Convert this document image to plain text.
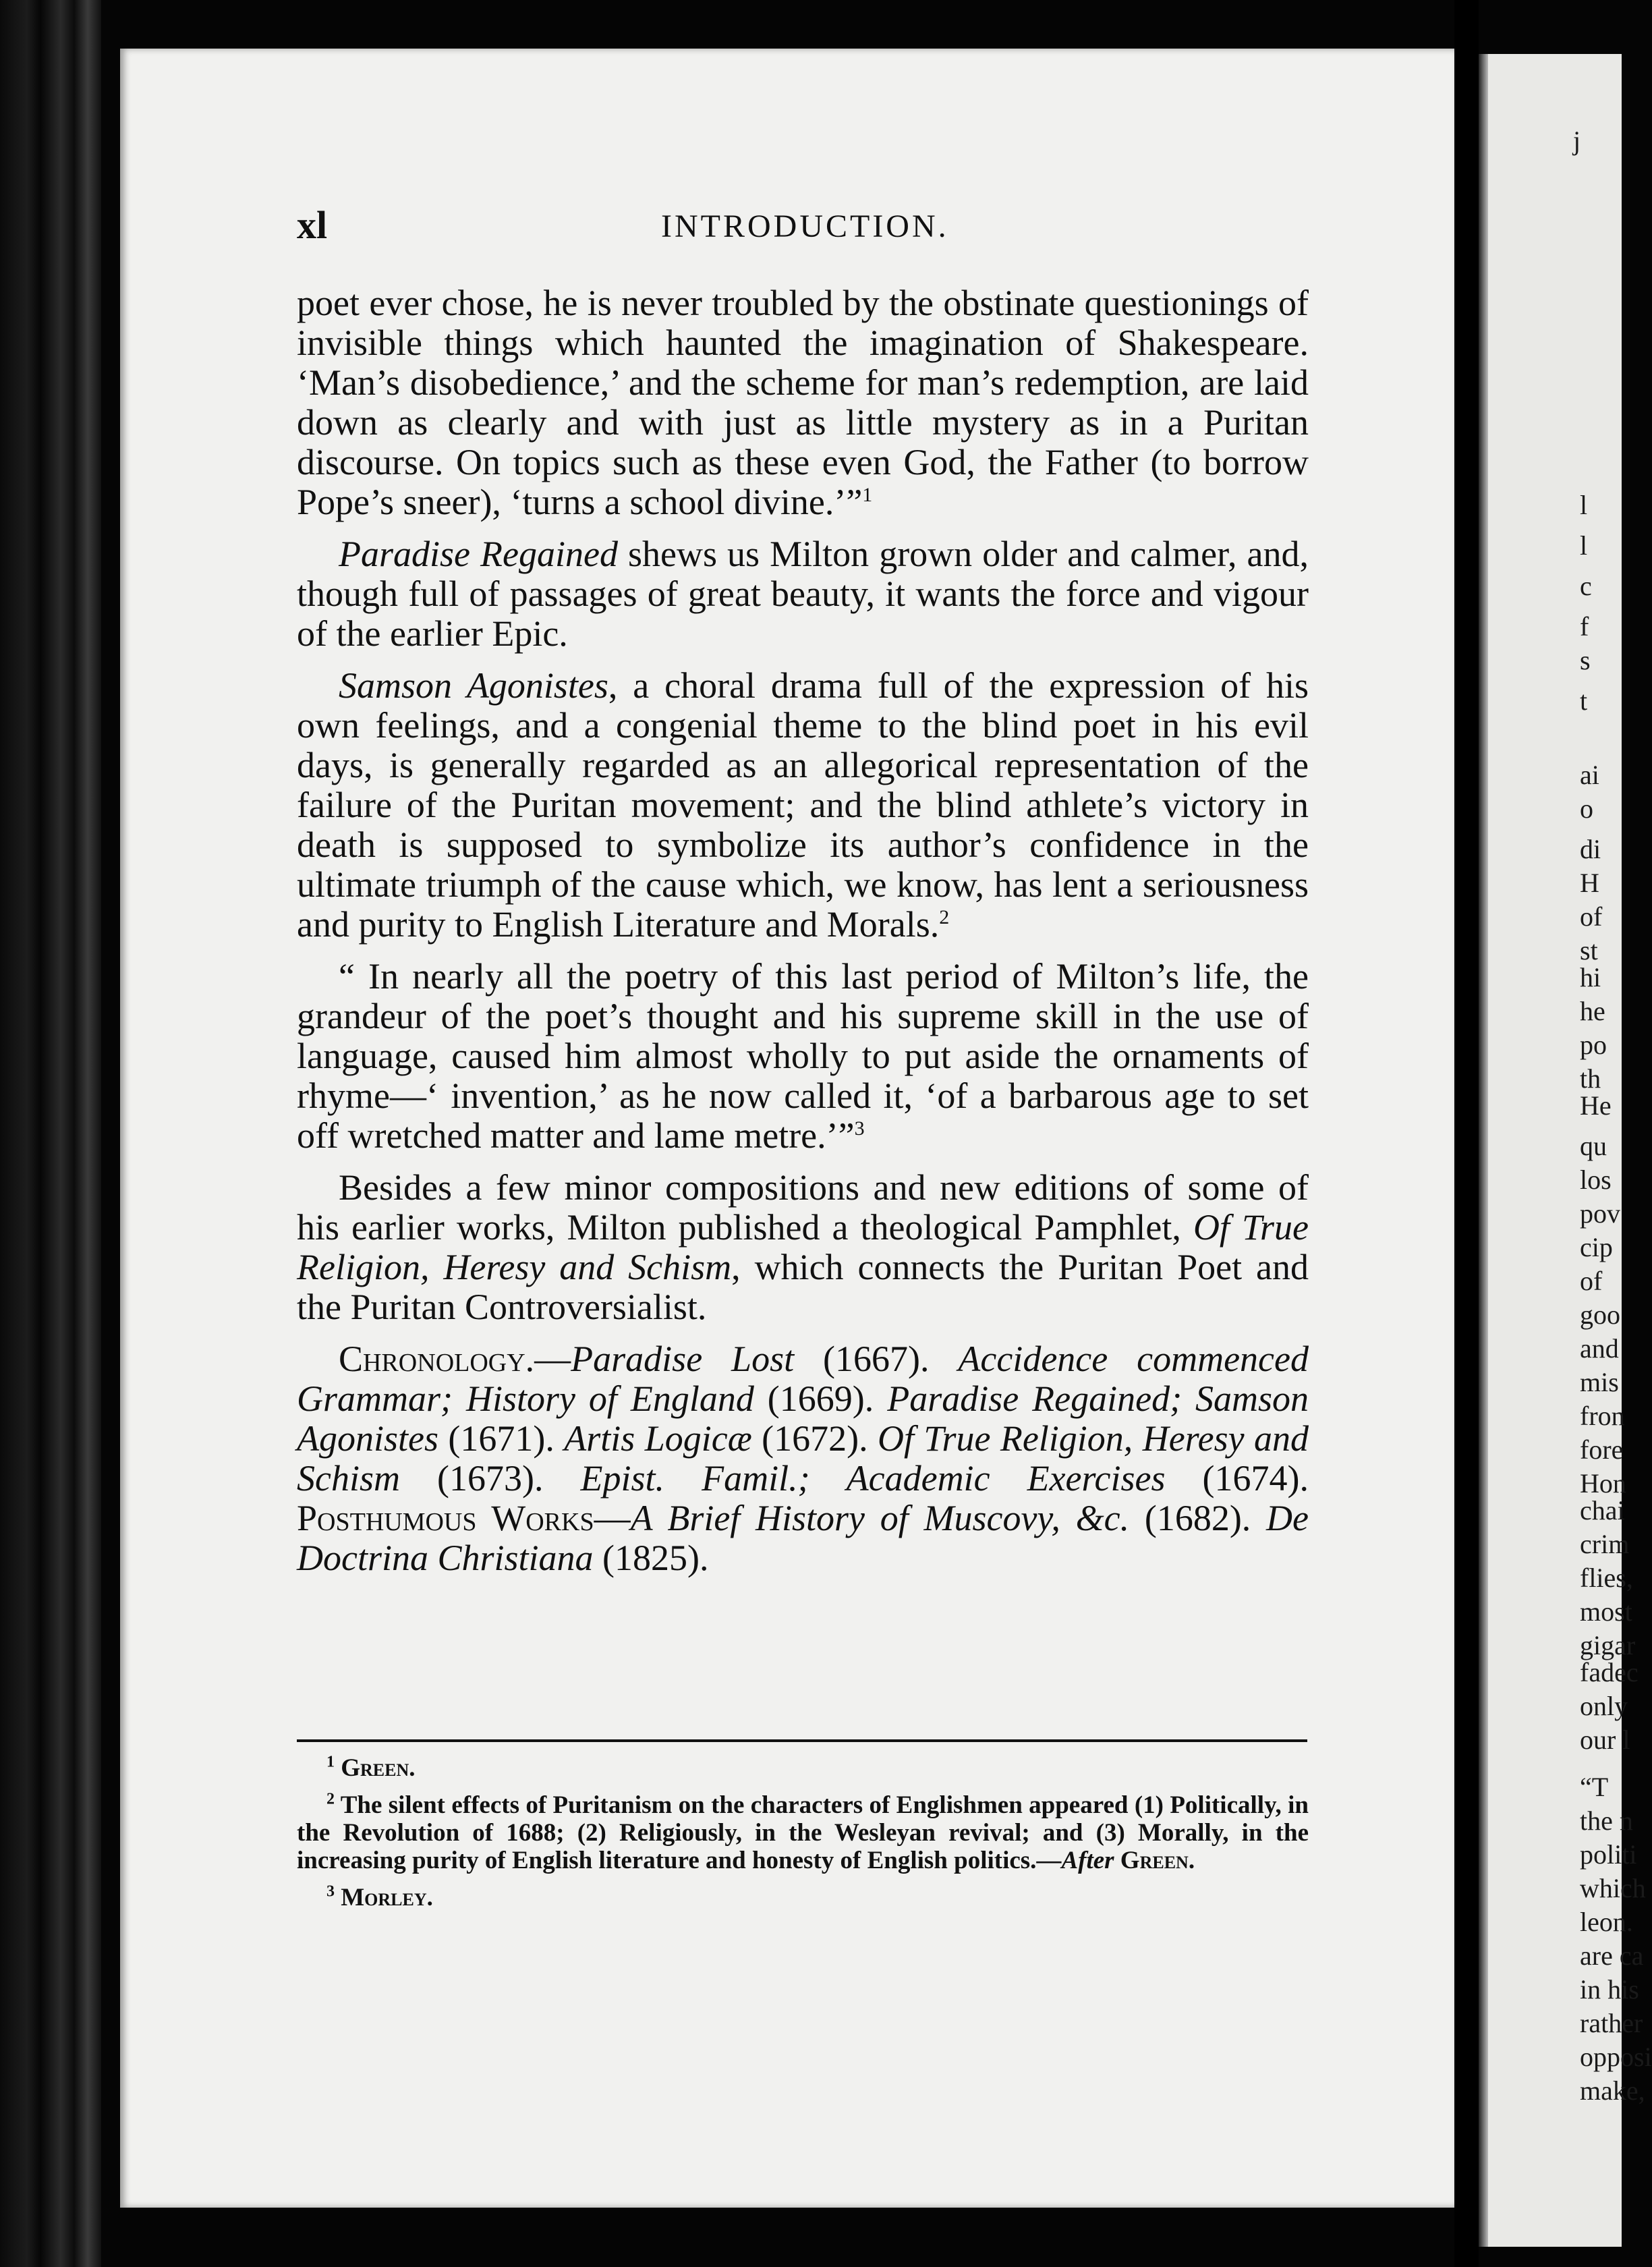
xl	INTRODUCTION.

poet ever chose, he is never troubled by the obstinate questionings of invisible things which haunted the imagination of Shakespeare. ‘Man’s disobedience,’ and the scheme for man’s redemption, are laid down as clearly and with just as little mystery as in a Puritan discourse. On topics such as these even God, the Father (to borrow Pope’s sneer), ‘turns a school divine.’”$^1$

Paradise Regained shews us Milton grown older and calmer, and, though full of passages of great beauty, it wants the force and vigour of the earlier Epic.

Samson Agonistes, a choral drama full of the expression of his own feelings, and a congenial theme to the blind poet in his evil days, is generally regarded as an allegorical representation of the failure of the Puritan movement; and the blind athlete’s victory in death is supposed to symbolize its author’s confidence in the ultimate triumph of the cause which, we know, has lent a seriousness and purity to English Literature and Morals.$^2$

“ In nearly all the poetry of this last period of Milton’s life, the grandeur of the poet’s thought and his supreme skill in the use of language, caused him almost wholly to put aside the ornaments of rhyme—‘ invention,’ as he now called it, ‘of a barbarous age to set off wretched matter and lame metre.’”$^3$

Besides a few minor compositions and new editions of some of his earlier works, Milton published a theological Pamphlet, Of True Religion, Heresy and Schism, which connects the Puritan Poet and the Puritan Controversialist.

Chronology.—Paradise Lost (1667). Accidence commenced Grammar; History of England (1669). Paradise Regained; Samson Agonistes (1671). Artis Logicæ (1672). Of True Religion, Heresy and Schism (1673). Epist. Famil.; Academic Exercises (1674). Posthumous Works—A Brief History of Muscovy, &c. (1682). De Doctrina Christiana (1825).

$^1$ Green.

$^2$ The silent effects of Puritanism on the characters of Englishmen appeared (1) Politically, in the Revolution of 1688; (2) Religiously, in the Wesleyan revival; and (3) Morally, in the increasing purity of English literature and honesty of English politics.—After Green.

$^3$ Morley.

j
l
l
c
f
s
t
ai
o
di
H
of
st
hi
he
po
th
He
qu
los
pov
cip
of
goo
and
mis
fron
fore
Hon
chai
crim
flies,
most
gigar
fadec
only
our l
“T
the n
politi
which
leon.
are ca
in his
rather
opposi
make,
